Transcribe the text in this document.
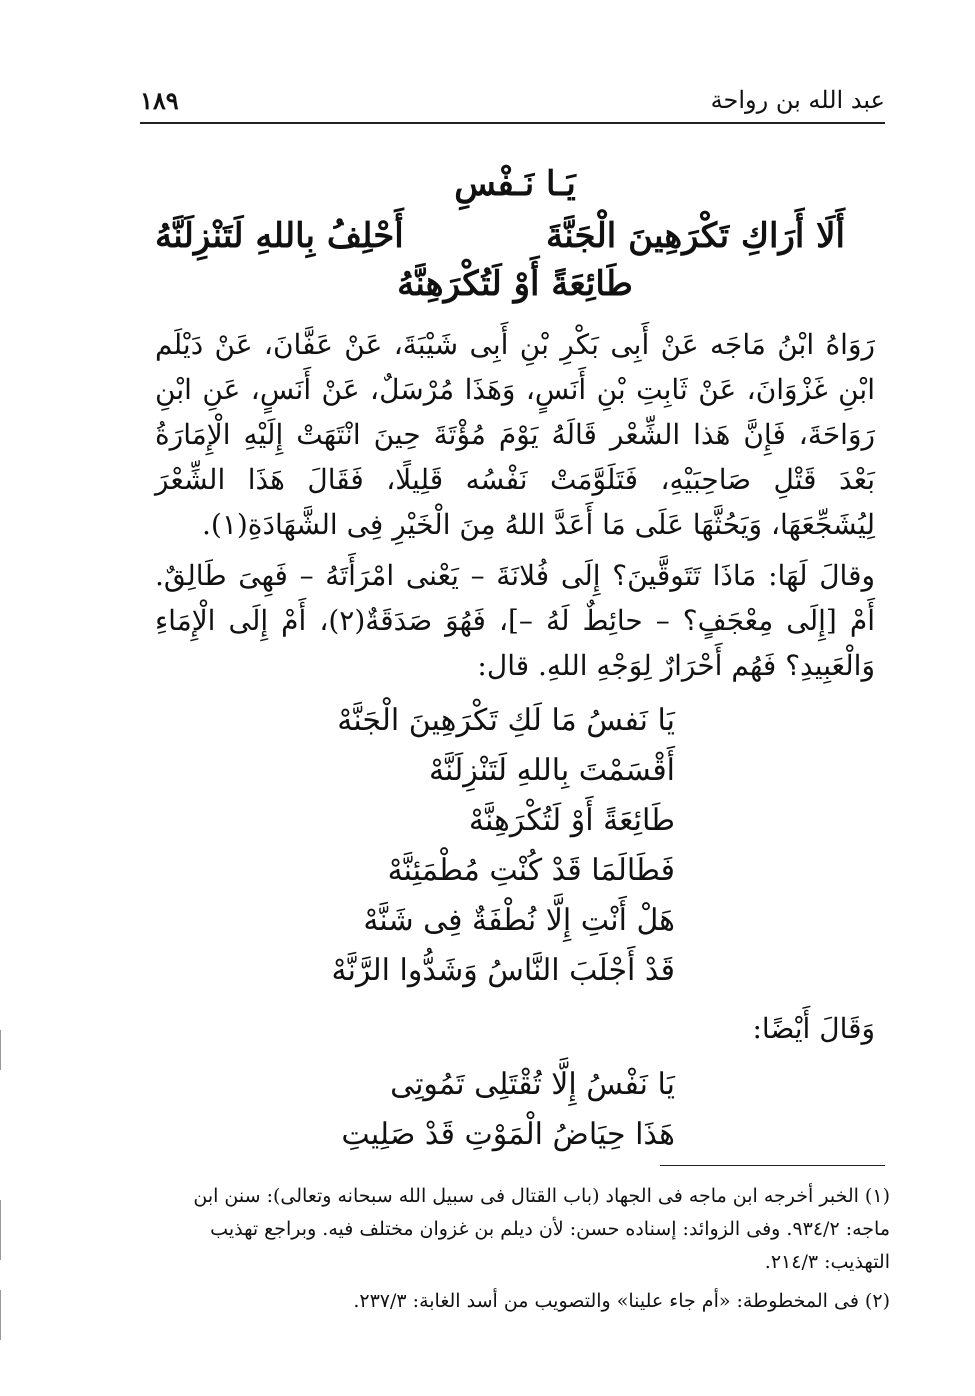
عبد الله بن رواحة
١٨٩
يَـا نَـفْسِ
أَلَا أَرَاكِ تَكْرَهِينَ الْجَنَّةَ
أَحْلِفُ بِاللهِ لَتَنْزِلَنَّهُ
طَائِعَةً أَوْ لَتُكْرَهِنَّهُ

رَوَاهُ ابْنُ مَاجَه عَنْ أَبِى بَكْرِ بْنِ أَبِى شَيْبَةَ، عَنْ عَفَّانَ، عَنْ دَيْلَم ابْنِ غَزْوَانَ، عَنْ ثَابِتِ بْنِ أَنَسٍ، وَهَذَا مُرْسَلٌ، عَنْ أَنَسٍ، عَنِ ابْنِ رَوَاحَةَ، فَإِنَّ هَذا الشِّعْر قَالَهُ يَوْمَ مُؤْتَةَ حِينَ انْتَهَتْ إِلَيْهِ الْإِمَارَةُ بَعْدَ قَتْلِ صَاحِبَيْهِ، فَتَلَوَّمَتْ نَفْسُه قَلِيلًا، فَقَالَ هَذَا الشِّعْرَ لِيُشَجِّعَهَا، وَيَحُثَّهَا عَلَى مَا أَعَدَّ اللهُ مِنَ الْخَيْرِ فِى الشَّهَادَةِ(١).

وقالَ لَهَا: مَاذَا تَتَوقَّينَ؟ إِلَى فُلانَةَ – يَعْنى امْرَأَتَهُ – فَهِىَ طَالِقٌ. أَمْ [إِلَى مِعْجَفٍ؟ – حائِطٌ لَهُ –]، فَهُوَ صَدَقَةٌ(٢)، أَمْ إِلَى الْإِمَاءِ وَالْعَبِيدِ؟ فَهُم أَحْرَارٌ لِوَجْهِ اللهِ. قال:

يَا نَفسُ مَا لَكِ تَكْرَهِينَ الْجَنَّهْ
أَقْسَمْتَ بِاللهِ لَتَنْزِلَنَّهْ
طَائِعَةً أَوْ لَتُكْرَهِنَّهْ
فَطَالَمَا قَدْ كُنْتِ مُطْمَئِنَّهْ
هَلْ أَنْتِ إِلَّا نُطْفَةٌ فِى شَنَّهْ
قَدْ أَجْلَبَ النَّاسُ وَشَدُّوا الرَّنَّهْ
وَقَالَ أَيْضًا:
يَا نَفْسُ إِلَّا تُقْتَلِى تَمُوتِى
هَذَا حِيَاضُ الْمَوْتِ قَدْ صَلِيتِ

(١) الخبر أخرجه ابن ماجه فى الجهاد (باب القتال فى سبيل الله سبحانه وتعالى): سنن ابن ماجه: ٩٣٤/٢. وفى الزوائد: إسناده حسن: لأن ديلم بن غزوان مختلف فيه. وبراجع تهذيب التهذيب: ٢١٤/٣.

(٢) فى المخطوطة: «أم جاء علينا» والتصويب من أسد الغابة: ٢٣٧/٣.
